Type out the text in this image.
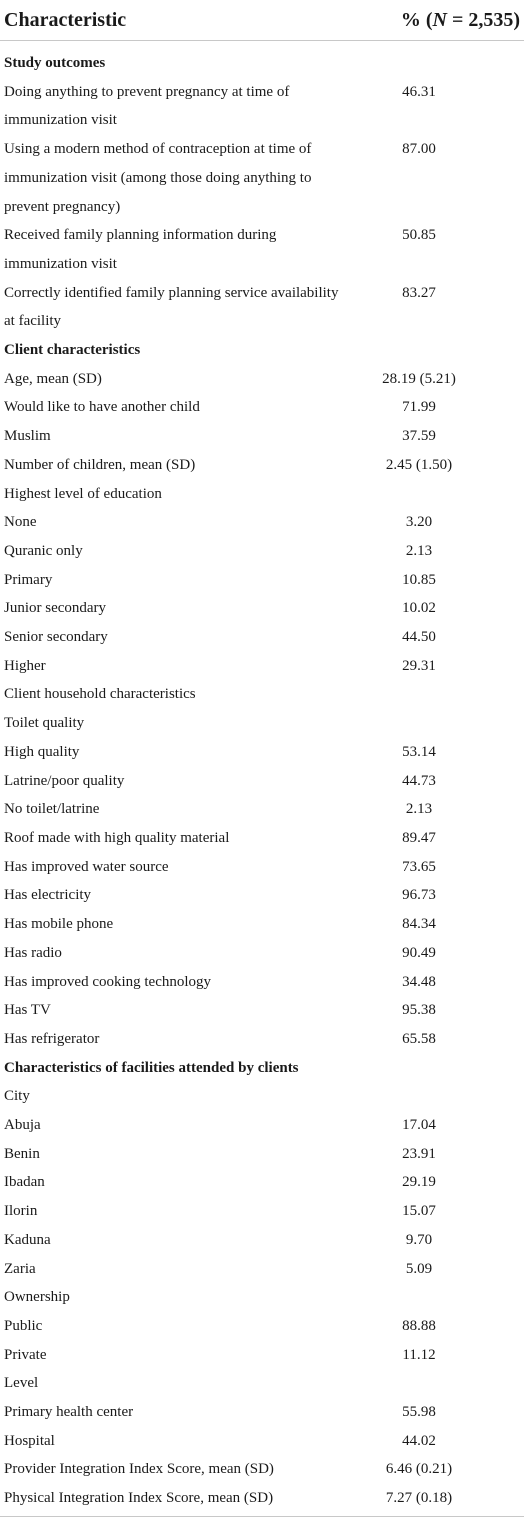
Characteristic	% (N = 2,535)
Study outcomes
Doing anything to prevent pregnancy at time of immunization visit
46.31
Using a modern method of contraception at time of immunization visit (among those doing anything to prevent pregnancy)
87.00
Received family planning information during immunization visit
50.85
Correctly identified family planning service availability at facility
83.27
Client characteristics
Age, mean (SD)	28.19 (5.21)
Would like to have another child	71.99
Muslim	37.59
Number of children, mean (SD)	2.45 (1.50)
Highest level of education
None	3.20
Quranic only	2.13
Primary	10.85
Junior secondary	10.02
Senior secondary	44.50
Higher	29.31
Client household characteristics
Toilet quality
High quality	53.14
Latrine/poor quality	44.73
No toilet/latrine	2.13
Roof made with high quality material	89.47
Has improved water source	73.65
Has electricity	96.73
Has mobile phone	84.34
Has radio	90.49
Has improved cooking technology	34.48
Has TV	95.38
Has refrigerator	65.58
Characteristics of facilities attended by clients
City
Abuja	17.04
Benin	23.91
Ibadan	29.19
Ilorin	15.07
Kaduna	9.70
Zaria	5.09
Ownership
Public	88.88
Private	11.12
Level
Primary health center	55.98
Hospital	44.02
Provider Integration Index Score, mean (SD)	6.46 (0.21)
Physical Integration Index Score, mean (SD)	7.27 (0.18)
